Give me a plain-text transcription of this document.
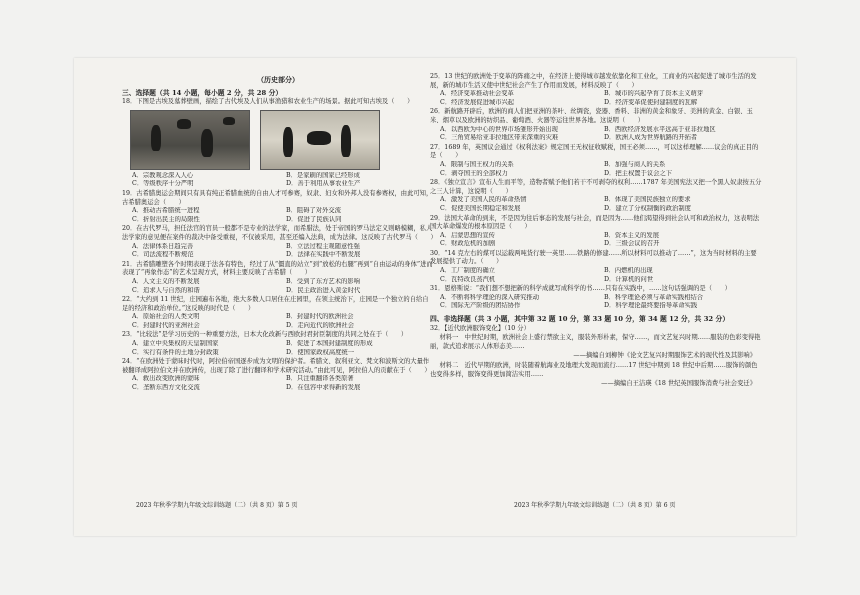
（历史部分）
三、选择题（共 14 小题，每小题 2 分，共 28 分）
18．下图是古埃及墓葬壁画，描绘了古代埃及人们从事渔猎和农业生产的场景。据此可知古埃及（　　）
A．宗教观念深入人心	B．是家刷的国家已经形成
C．等级秩序十分严明	D．善于利用从事农业生产
19．古希腊奥运会期间只有具有纯正希腊血统的自由人才可参赛，奴隶、妇女和外邦人没有参赛权，由此可知，古希腊奥运会（　　）
A．推动古希腊统一进程	B．阻碍了对外交流
C．折射出民主的局限性	D．促进了民族认同
20．在古代罗马，担任法官的官员一般都不是专业的法学家，而希腊法，处于帝国的罗马法定义则略模糊，私人法学家的意见便在案件的裁决中备受重视，不仅被采用，甚至还编入法典，成为法律。这反映了古代罗马（　　）
A．法律体系日趋完善	B．立法过程主观随意性强
C．司法流程不断规范	D．法律在实践中不断发展
21．古希腊雕塑各个时期表现于法各有特色，经过了从“僵直的站立”到“放松的右腿”再到“自由运动的身体”进而表现了“再象作态”的艺术呈现方式，材料主要反映了古希腊（　　）
A．人文主义的不断发展	B．受到了东方艺术的影响
C．追求人与自然的和谐	D．民主政治进入黄金时代
22．“大约到 11 世纪，庄园遍布各地，绝大多数人口居住在庄园里，在领主统治下，庄园是一个独立的自给自足的经济和政治单位。”这反映的时代是（　　）
A．原始社会的人类文明	B．封建时代的欧洲社会
C．封建时代的亚洲社会	D．走向近代的欧洲社会
23．“比较法”是学习历史的一种重要方法，日本大化改新与西欧封君封臣制度的共同之处在于（　　）
A．建立中央集权的天皇制国家	B．促进了本国封建制度的形成
C．实行有条件的土地分封政策	D．使国家政权高度统一
24．“在欧洲处于蒙昧时代时，阿拉伯帝国逐步成为文明的保护者。希腊文、叙利亚文、梵文和波斯文的大量作被翻译成阿拉伯文并在欧洲传，出现了除了进行翻译和学术研究活动。”由此可见，阿拉伯人的贡献在于（　　）
A．救出改变欧洲的蒙昧	B．只注重翻译各类原著
C．垄断东西方文化交流	D．在包容中求得新的发展
2023 年秋季学期九年级文综训练题（二）（共 8 页）第 5 页
25．13 世纪的欧洲处于变革的阵痛之中，在经济上使得城市越发依靠化和工业化，工商业的兴起促进了城市生活的发展，新的城市生活又使中世纪社会产生了作用而发展，材料反映了（　　）
A．经济变革推动社会变革	B．城市的兴起孕育了资本主义萌芽
C．经济发展促进城市兴起	D．经济变革促使封建制度的瓦解
26．新航路开辟后，欧洲的商人们把亚洲的茶叶、丝绸瓷，瓷器、香料、非洲的黄金和象牙、美洲的黄金、白银、玉米、烟草以及欧洲的纺织品、葡萄酒、火器等运往世界各地。这说明（　　）
A．以西欧为中心的世界市场雏形开始出现	B．西欧经济发展水平远高于亚非拉地区
C．三角贸易给亚非拉地区带来深重的灾难	D．欧洲人成为世界航路的开拓者
27．1689 年，英国议会通过《权利法案》规定国王无权征收赋税，国王必须……，可以这样理解……议会的真正目的是（　　）
A．限制与国王权力的关系	B．加强与商人的关系
C．剥夺国王的全部权力	D．把主权置于议会之下
28．《独立宣言》宣布人生而平等，造物者赋予他们若干不可剥夺的权利……1787 年美国宪法又把一个黑人奴隶按五分之三人计算，这说明（　　）
A．激发了美国人民的革命热情	B．体现了美国民族独立的要求
C．促使美国长期稳定和发展	D．建立了分权制衡的政治制度
29．法国大革命的到来，不是因为往后事态的发展与社会，而是因为……他们渴望得到社会认可和政治权力，这表明法国大革命爆发的根本原因是（　　）
A．启蒙思想的宣传	B．资本主义的发展
C．财政危机的加剧	D．三级会议的召开
30．“14 克左右的煤可以运载两吨货行驶一英里……铁路的修建……所以材料可以推动了……”，这为当时材料的主要发展提供了动力。（　　）
A．工厂制度的确立	B．内燃机的出现
C．瓦特改良蒸汽机	D．计算机的问世
31．恩格斯说：“我们想不想把新的科学成就写成科学的书……只有在实践中，……这句话强调的是（　　）
A．不断将科学理论的深入研究推动	B．科学理论必须与革命实践相结合
C．国际无产阶级的团结协作	D．科学理论最终要指导革命实践
四、非选择题（共 3 小题，其中第 32 题 10 分，第 33 题 10 分，第 34 题 12 分，共 32 分）
32．【近代欧洲服饰变化】（10 分）
材料一　中世纪时期，欧洲社会上盛行禁欲主义，服装外形朴素，保守……，而文艺复兴时期……服装的色彩变得艳丽，款式追求展示人体形态美……
——摘编自刘柳钟《论文艺复兴时期服饰艺术的现代性及其影响》
材料二　近代早期的欧洲，时装随着航海业及地理大发现而流行……17 世纪中期到 18 世纪中后期……服饰的颜色也变得多样，服饰变得更加简洁实用……
——摘编自王洁瑛《18 世纪英国服饰消费与社会变迁》
2023 年秋季学期九年级文综训练题（二）（共 8 页）第 6 页
